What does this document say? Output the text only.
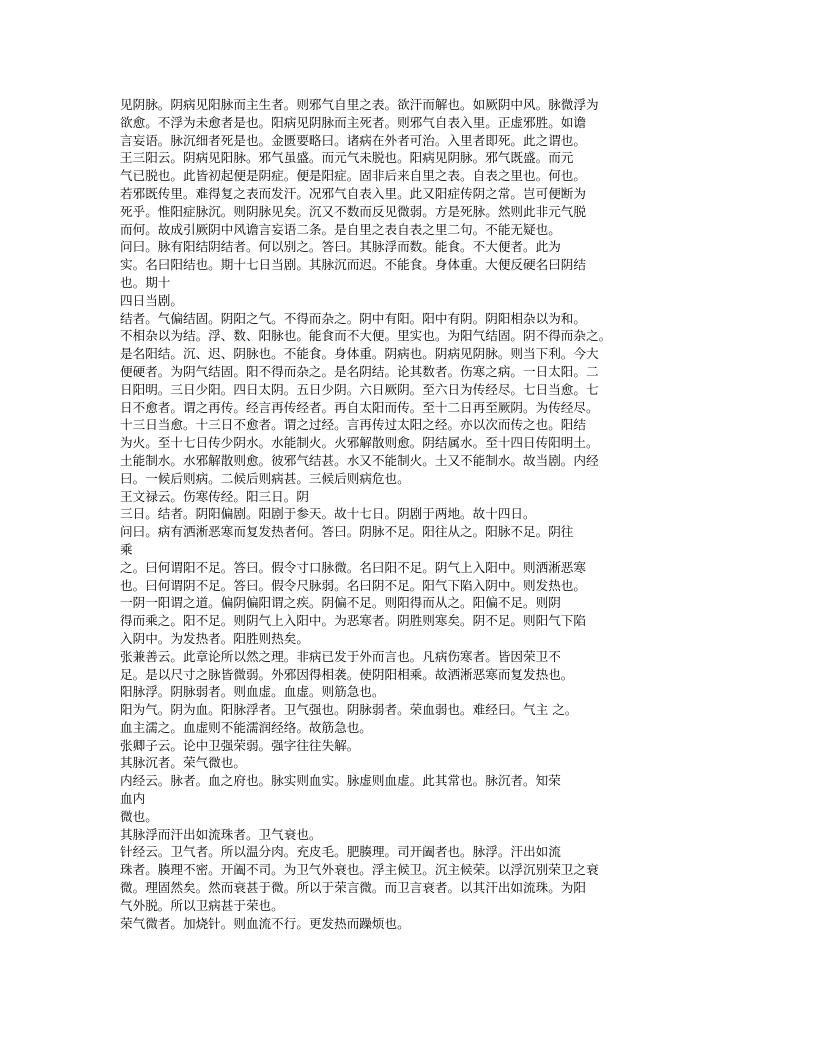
见阴脉。阴病见阳脉而主生者。则邪气自里之表。欲汗而解也。如厥阴中风。脉微浮为
欲愈。不浮为未愈者是也。阳病见阴脉而主死者。则邪气自表入里。正虚邪胜。如谵
言妄语。脉沉细者死是也。金匮要略曰。诸病在外者可治。入里者即死。此之谓也。
王三阳云。阴病见阳脉。邪气虽盛。而元气未脱也。阳病见阴脉。邪气既盛。而元
气已脱也。此皆初起便是阴症。便是阳症。固非后来自里之表。自表之里也。何也。
若邪既传里。难得复之表而发汗。况邪气自表入里。此又阳症传阴之常。岂可便断为
死乎。惟阳症脉沉。则阴脉见矣。沉又不数而反见微弱。方是死脉。然则此非元气脱
而何。故成引厥阴中风谵言妄语二条。是自里之表自表之里二句。不能无疑也。
问曰。脉有阳结阴结者。何以别之。答曰。其脉浮而数。能食。不大便者。此为
实。名曰阳结也。期十七日当剧。其脉沉而迟。不能食。身体重。大便反硬名曰阴结
也。期十
四日当剧。
结者。气偏结固。阴阳之气。不得而杂之。阴中有阳。阳中有阴。阴阳相杂以为和。
不相杂以为结。浮、数、阳脉也。能食而不大便。里实也。为阳气结固。阴不得而杂之。
是名阳结。沉、迟、阴脉也。不能食。身体重。阴病也。阴病见阴脉。则当下利。今大
便硬者。为阴气结固。阳不得而杂之。是名阴结。论其数者。伤寒之病。一日太阳。二
日阳明。三日少阳。四日太阴。五日少阴。六日厥阴。至六日为传经尽。七日当愈。七
日不愈者。谓之再传。经言再传经者。再自太阳而传。至十二日再至厥阴。为传经尽。
十三日当愈。十三日不愈者。谓之过经。言再传过太阳之经。亦以次而传之也。阳结
为火。至十七日传少阴水。水能制火。火邪解散则愈。阴结属水。至十四日传阳明土。
土能制水。水邪解散则愈。彼邪气结甚。水又不能制火。土又不能制水。故当剧。内经
曰。一候后则病。二候后则病甚。三候后则病危也。
王文禄云。伤寒传经。阳三日。阴
三日。结者。阴阳偏剧。阳剧于参天。故十七日。阴剧于两地。故十四日。
问曰。病有洒淅恶寒而复发热者何。答曰。阴脉不足。阳往从之。阳脉不足。阴往
乘
之。曰何谓阳不足。答曰。假令寸口脉微。名曰阳不足。阴气上入阳中。则洒淅恶寒
也。曰何谓阴不足。答曰。假令尺脉弱。名曰阴不足。阳气下陷入阴中。则发热也。
一阴一阳谓之道。偏阴偏阳谓之疾。阴偏不足。则阳得而从之。阳偏不足。则阴
得而乘之。阳不足。则阴气上入阳中。为恶寒者。阴胜则寒矣。阴不足。则阳气下陷
入阴中。为发热者。阳胜则热矣。
张兼善云。此章论所以然之理。非病已发于外而言也。凡病伤寒者。皆因荣卫不
足。是以尺寸之脉皆微弱。外邪因得相袭。使阴阳相乘。故洒淅恶寒而复发热也。
阳脉浮。阴脉弱者。则血虚。血虚。则筋急也。
阳为气。阴为血。阳脉浮者。卫气强也。阴脉弱者。荣血弱也。难经曰。气主 之。
血主濡之。血虚则不能濡润经络。故筋急也。
张卿子云。论中卫强荣弱。强字往往失解。
其脉沉者。荣气微也。
内经云。脉者。血之府也。脉实则血实。脉虚则血虚。此其常也。脉沉者。知荣
血内
微也。
其脉浮而汗出如流珠者。卫气衰也。
针经云。卫气者。所以温分肉。充皮毛。肥腠理。司开阖者也。脉浮。汗出如流
珠者。腠理不密。开阖不司。为卫气外衰也。浮主候卫。沉主候荣。以浮沉别荣卫之衰
微。理固然矣。然而衰甚于微。所以于荣言微。而卫言衰者。以其汗出如流珠。为阳
气外脱。所以卫病甚于荣也。
荣气微者。加烧针。则血流不行。更发热而躁烦也。
